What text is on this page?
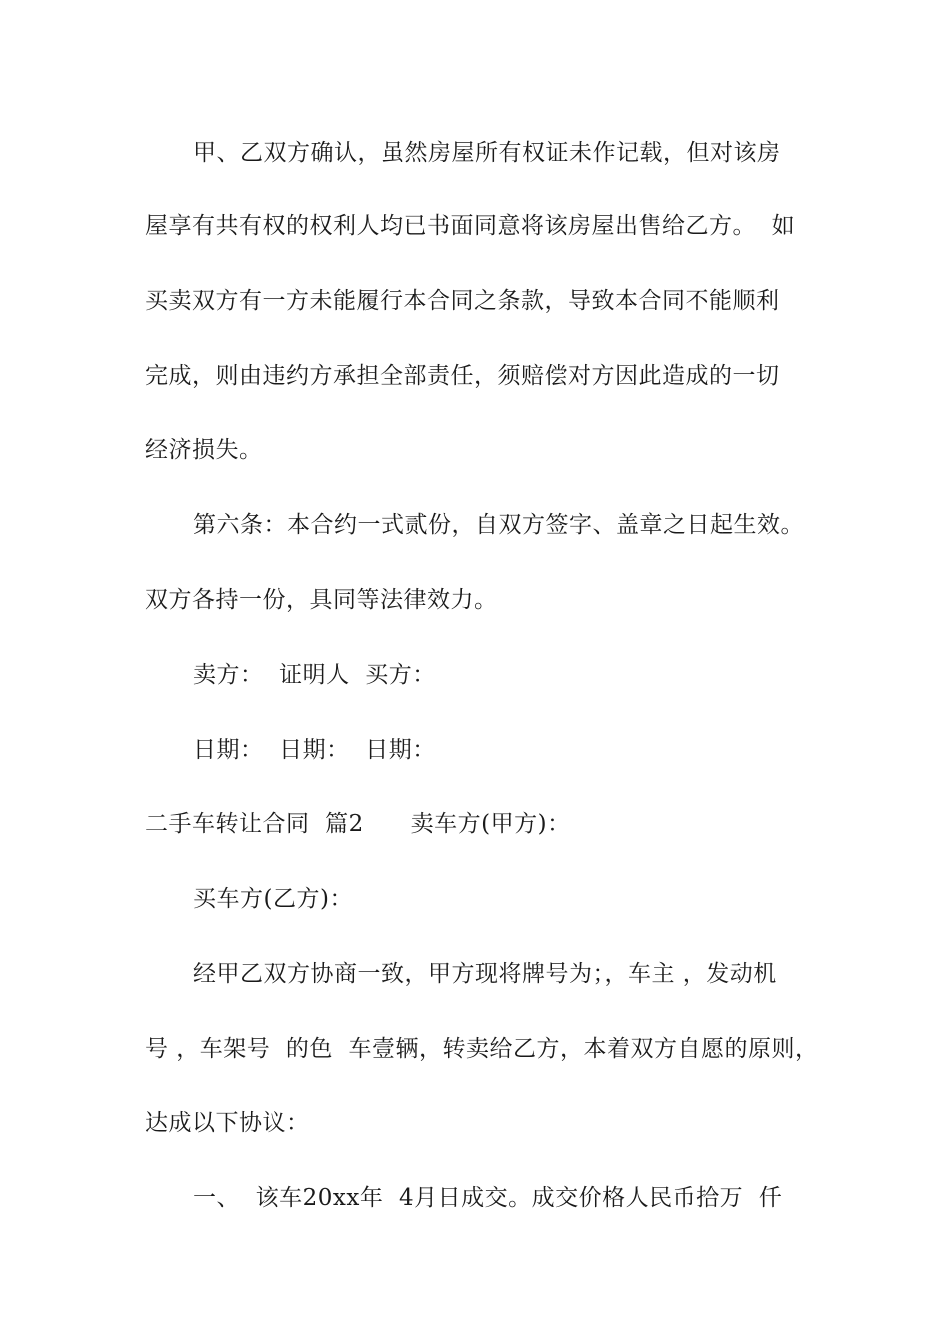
甲、乙双方确认，虽然房屋所有权证未作记载，但对该房
屋享有共有权的权利人均已书面同意将该房屋出售给乙方。  如
买卖双方有一方未能履行本合同之条款，导致本合同不能顺利
完成，则由违约方承担全部责任，须赔偿对方因此造成的一切
经济损失。
第六条：本合约一式贰份，自双方签字、盖章之日起生效。
双方各持一份，具同等法律效力。
卖方：  证明人  买方：
日期：  日期：  日期：
二手车转让合同  篇2      卖车方(甲方)：
买车方(乙方)：
经甲乙双方协商一致，甲方现将牌号为；，车主 ，发动机
号 ，车架号  的色  车壹辆，转卖给乙方，本着双方自愿的原则，
达成以下协议：
一、  该车20xx年  4月日成交。成交价格人民币拾万  仟
